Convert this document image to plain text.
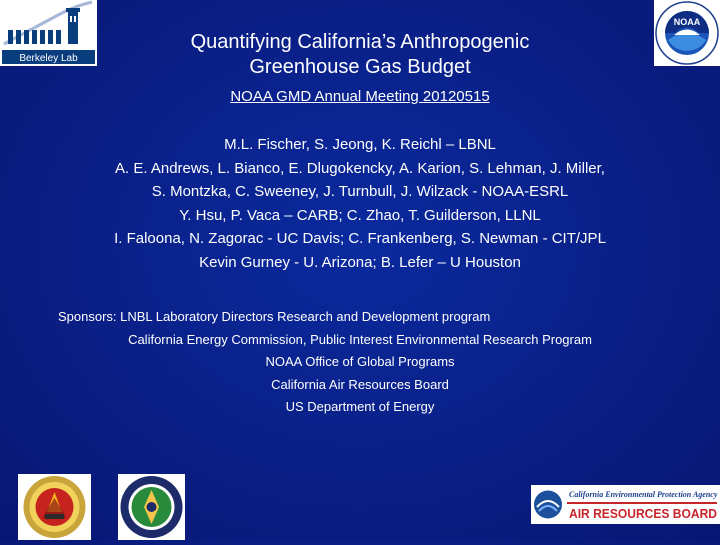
Berkeley Lab
NOAA
Quantifying California’s Anthropogenic
Greenhouse Gas Budget
NOAA GMD Annual Meeting 20120515
M.L. Fischer, S. Jeong, K. Reichl – LBNL
A. E. Andrews, L. Bianco, E. Dlugokencky, A. Karion, S. Lehman, J. Miller,
S. Montzka, C. Sweeney, J. Turnbull, J. Wilzack - NOAA-ESRL
Y. Hsu, P. Vaca – CARB; C. Zhao, T. Guilderson, LLNL
I. Faloona, N. Zagorac - UC Davis; C. Frankenberg, S. Newman - CIT/JPL
Kevin Gurney - U. Arizona; B. Lefer – U Houston
Sponsors: LNBL Laboratory Directors Research and Development program
California Energy Commission, Public Interest Environmental Research Program
NOAA Office of Global Programs
California Air Resources Board
US Department of Energy
California Environmental Protection Agency
AIR RESOURCES BOARD
